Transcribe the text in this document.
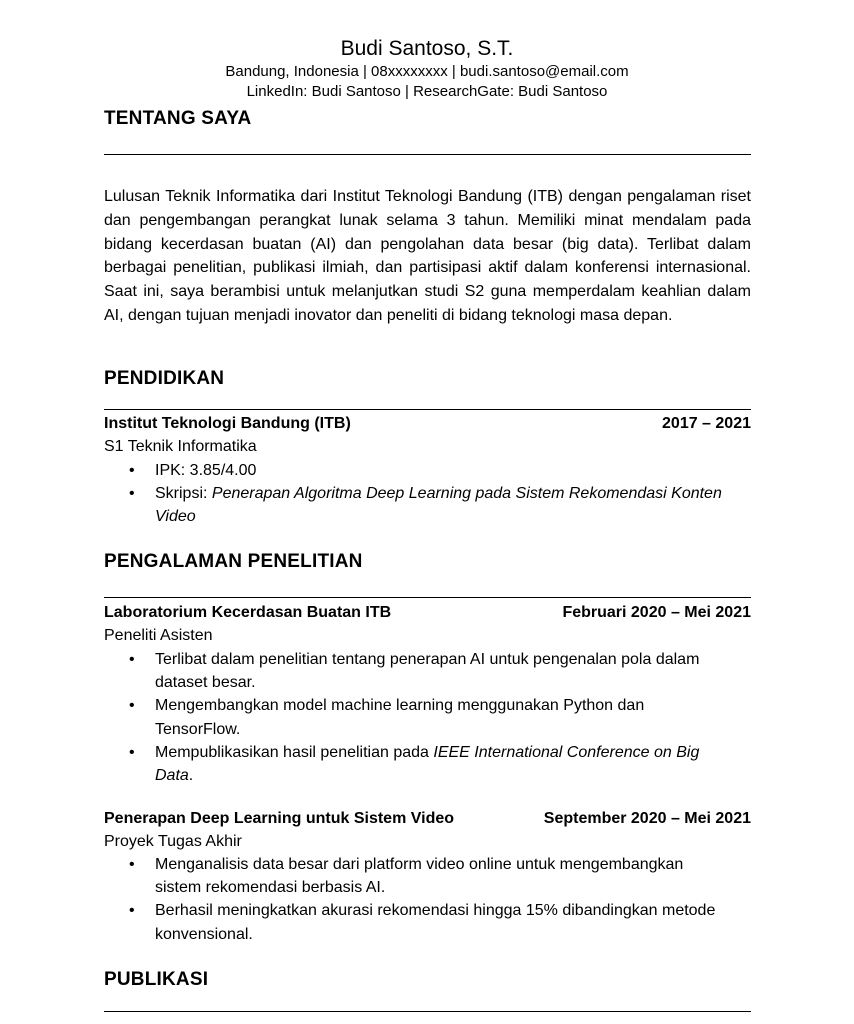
Budi Santoso, S.T.
Bandung, Indonesia | 08xxxxxxxx | budi.santoso@email.com
LinkedIn: Budi Santoso | ResearchGate: Budi Santoso
TENTANG SAYA

Lulusan Teknik Informatika dari Institut Teknologi Bandung (ITB) dengan pengalaman riset dan pengembangan perangkat lunak selama 3 tahun. Memiliki minat mendalam pada bidang kecerdasan buatan (AI) dan pengolahan data besar (big data). Terlibat dalam berbagai penelitian, publikasi ilmiah, dan partisipasi aktif dalam konferensi internasional. Saat ini, saya berambisi untuk melanjutkan studi S2 guna memperdalam keahlian dalam AI, dengan tujuan menjadi inovator dan peneliti di bidang teknologi masa depan.

PENDIDIKAN
Institut Teknologi Bandung (ITB)	2017 – 2021
S1 Teknik Informatika
• IPK: 3.85/4.00
• Skripsi: Penerapan Algoritma Deep Learning pada Sistem Rekomendasi Konten Video
PENGALAMAN PENELITIAN
Laboratorium Kecerdasan Buatan ITB	Februari 2020 – Mei 2021
Peneliti Asisten
• Terlibat dalam penelitian tentang penerapan AI untuk pengenalan pola dalam dataset besar.
• Mengembangkan model machine learning menggunakan Python dan TensorFlow.
• Mempublikasikan hasil penelitian pada IEEE International Conference on Big Data.
Penerapan Deep Learning untuk Sistem Video	September 2020 – Mei 2021
Proyek Tugas Akhir
• Menganalisis data besar dari platform video online untuk mengembangkan sistem rekomendasi berbasis AI.
• Berhasil meningkatkan akurasi rekomendasi hingga 15% dibandingkan metode konvensional.
PUBLIKASI
